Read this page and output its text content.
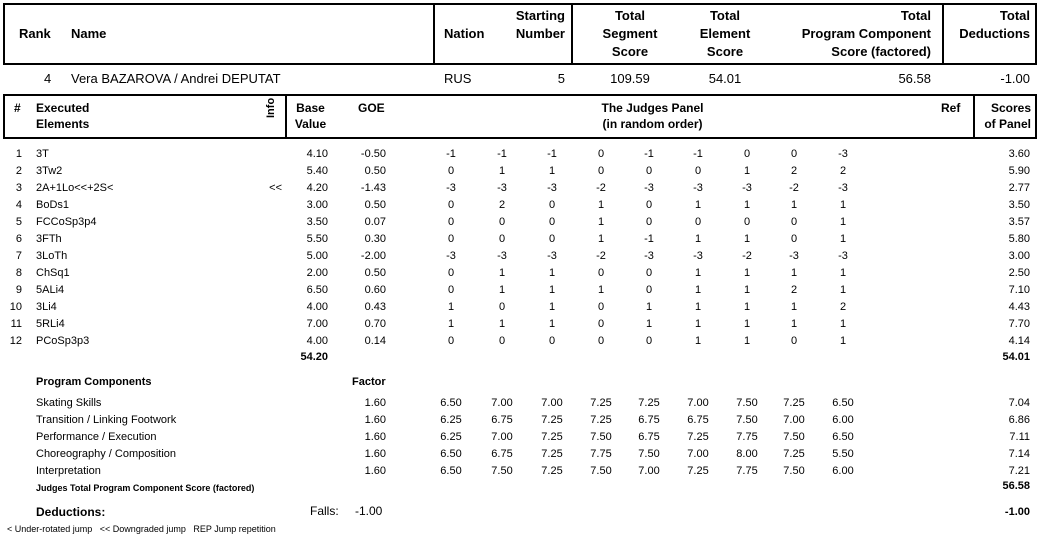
Rank Name	Nation
Starting
Number
Total
Segment
Score
Total
Element
Score
Total
Program Component
Score (factored)
Total
Deductions
4 Vera BAZAROVA / Andrei DEPUTAT	RUS	5	109.59	54.01	56.58	-1.00
# Executed
Elements
Info	Base
Value
GOE	The Judges Panel
(in random order)
Ref	Scores
of Panel
1 3T	4.10	-0.50	-1	-1	-1	0	-1	-1	0	0	-3	3.60
2 3Tw2	5.40	0.50	0	1	1	0	0	0	1	2	2	5.90
3 2A+1Lo<<+2S<	<<	4.20	-1.43	-3	-3	-3	-2	-3	-3	-3	-2	-3	2.77
4 BoDs1	3.00	0.50	0	2	0	1	0	1	1	1	1	3.50
5 FCCoSp3p4	3.50	0.07	0	0	0	1	0	0	0	0	1	3.57
6 3FTh	5.50	0.30	0	0	0	1	-1	1	1	0	1	5.80
7 3LoTh	5.00	-2.00	-3	-3	-3	-2	-3	-3	-2	-3	-3	3.00
8 ChSq1	2.00	0.50	0	1	1	0	0	1	1	1	1	2.50
9 5ALi4	6.50	0.60	0	1	1	1	0	1	1	2	1	7.10
10 3Li4	4.00	0.43	1	0	1	0	1	1	1	1	2	4.43
11 5RLi4	7.00	0.70	1	1	1	0	1	1	1	1	1	7.70
12 PCoSp3p3	4.00	0.14	0	0	0	0	0	1	1	0	1	4.14
54.20	54.01
Program Components	Factor
Skating Skills	1.60	6.50	7.00	7.00	7.25	7.25	7.00	7.50	7.25	6.50	7.04
Transition / Linking Footwork	1.60	6.25	6.75	7.25	7.25	6.75	6.75	7.50	7.00	6.00	6.86
Performance / Execution	1.60	6.25	7.00	7.25	7.50	6.75	7.25	7.75	7.50	6.50	7.11
Choreography / Composition	1.60	6.50	6.75	7.25	7.75	7.50	7.00	8.00	7.25	5.50	7.14
Interpretation	1.60	6.50	7.50	7.25	7.50	7.00	7.25	7.75	7.50	6.00	7.21
Judges Total Program Component Score (factored)	56.58
Deductions:	Falls: -1.00	-1.00
< Under-rotated jump   << Downgraded jump   REP Jump repetition
